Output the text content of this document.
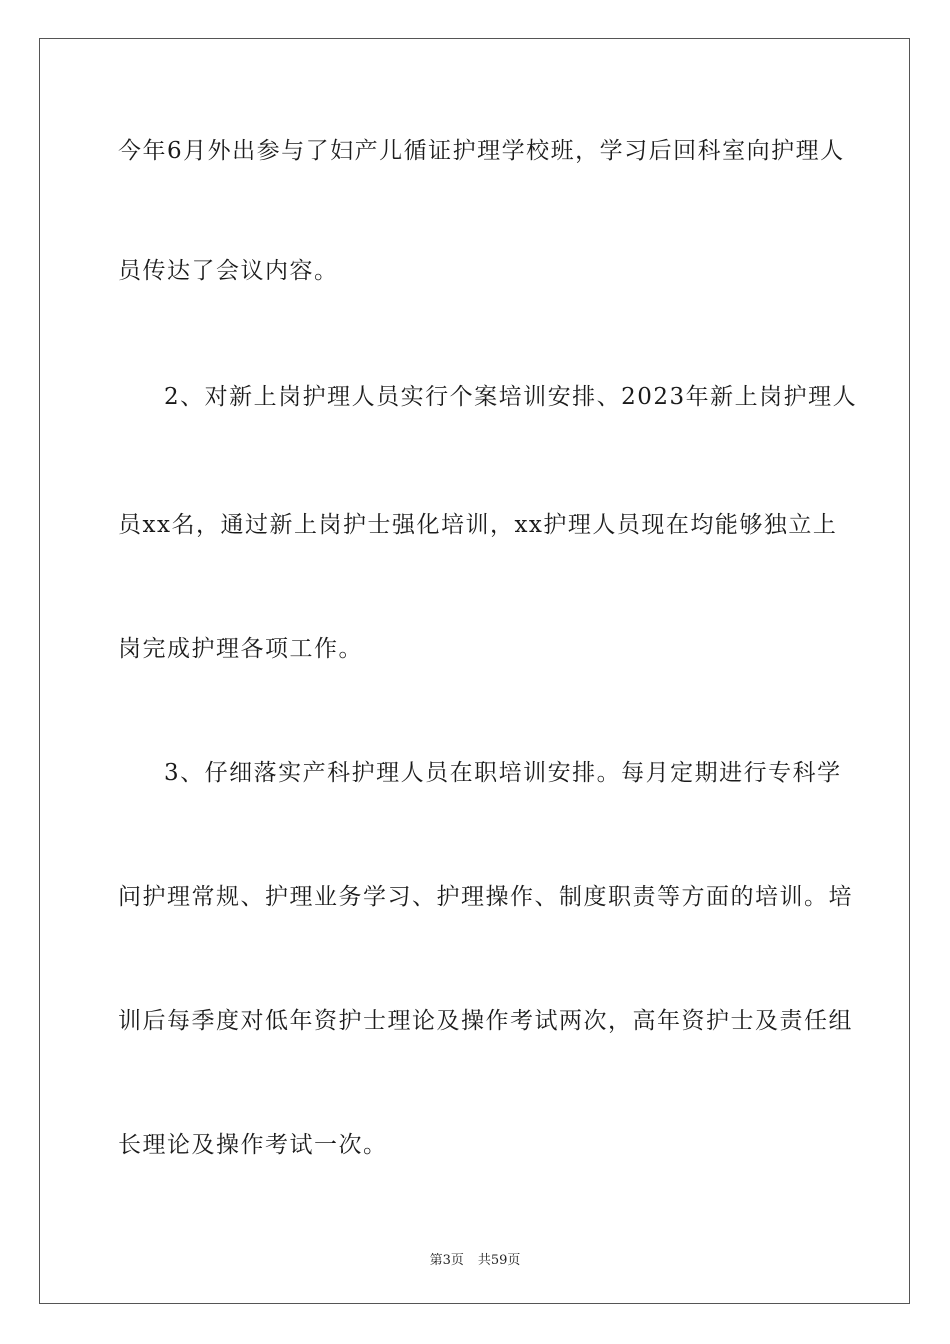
今年6月外出参与了妇产儿循证护理学校班，学习后回科室向护理人
员传达了会议内容。
2、对新上岗护理人员实行个案培训安排、2023年新上岗护理人
员xx名，通过新上岗护士强化培训，xx护理人员现在均能够独立上
岗完成护理各项工作。
3、仔细落实产科护理人员在职培训安排。每月定期进行专科学
问护理常规、护理业务学习、护理操作、制度职责等方面的培训。培
训后每季度对低年资护士理论及操作考试两次，高年资护士及责任组
长理论及操作考试一次。
第3页 共59页
